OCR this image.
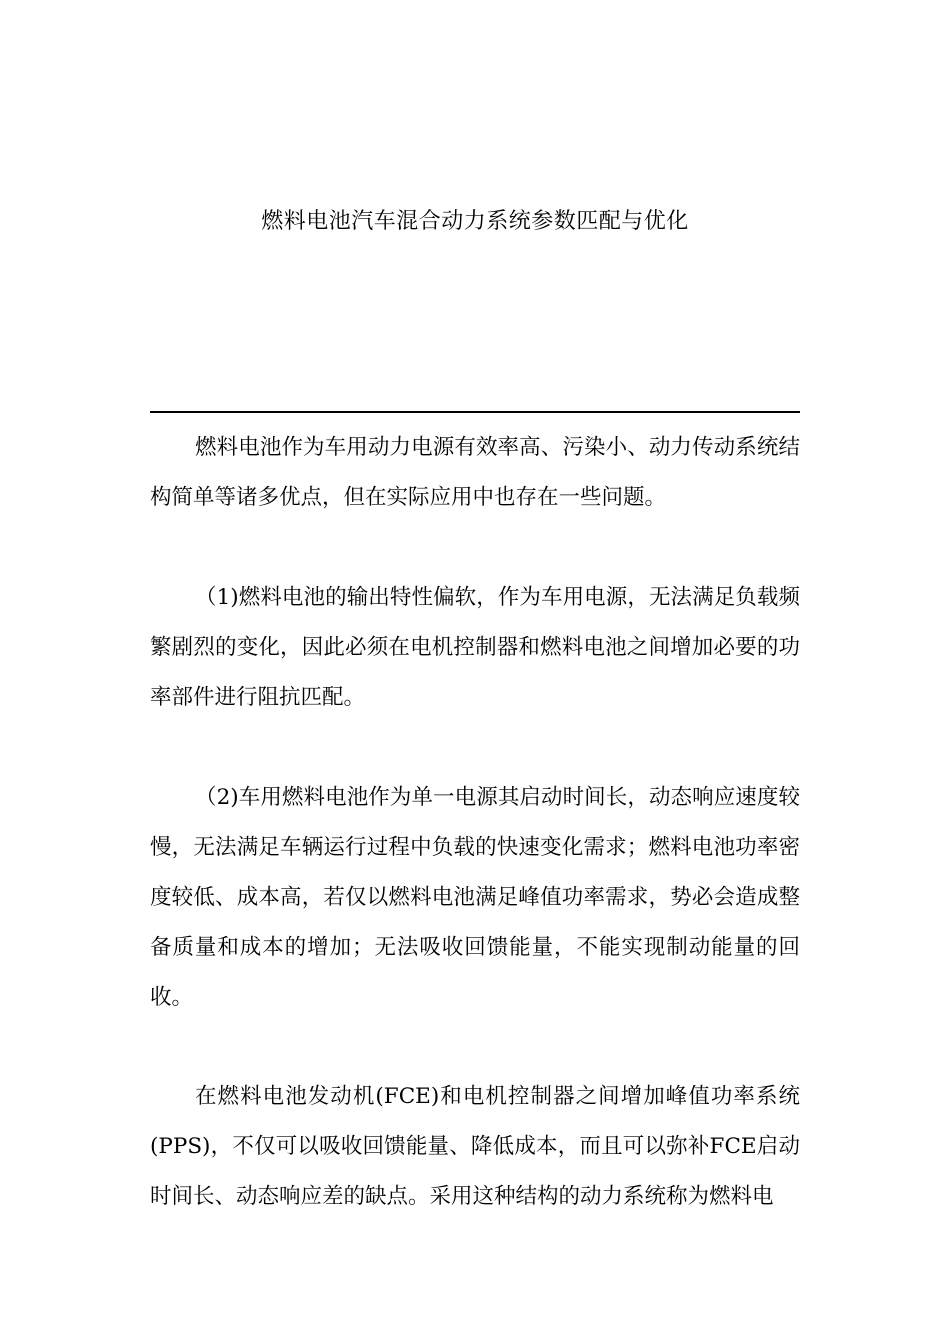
燃料电池汽车混合动力系统参数匹配与优化

燃料电池作为车用动力电源有效率高、污染小、动力传动系统结构简单等诸多优点，但在实际应用中也存在一些问题。

（1)燃料电池的输出特性偏软，作为车用电源，无法满足负载频繁剧烈的变化，因此必须在电机控制器和燃料电池之间增加必要的功率部件进行阻抗匹配。

（2)车用燃料电池作为单一电源其启动时间长，动态响应速度较慢，无法满足车辆运行过程中负载的快速变化需求；燃料电池功率密度较低、成本高，若仅以燃料电池满足峰值功率需求，势必会造成整备质量和成本的增加；无法吸收回馈能量，不能实现制动能量的回收。

在燃料电池发动机(FCE)和电机控制器之间增加峰值功率系统(PPS)，不仅可以吸收回馈能量、降低成本，而且可以弥补FCE启动时间长、动态响应差的缺点。采用这种结构的动力系统称为燃料电
